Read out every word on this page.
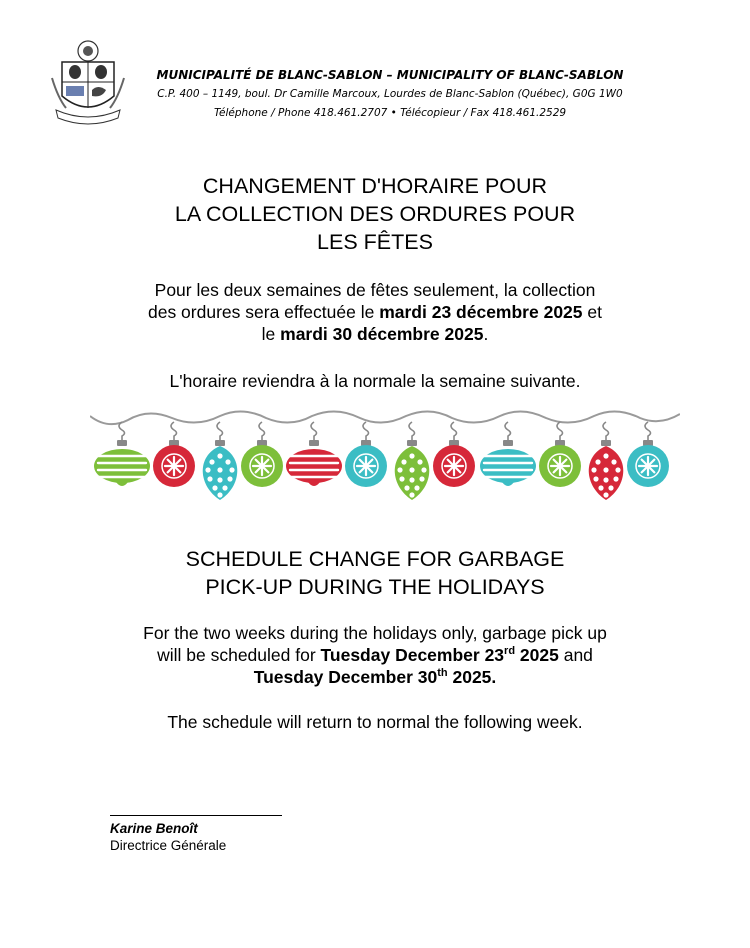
MUNICIPALITÉ DE BLANC-SABLON – MUNICIPALITY OF BLANC-SABLON
C.P. 400 – 1149, boul. Dr Camille Marcoux, Lourdes de Blanc-Sablon (Québec), G0G 1W0
Téléphone / Phone 418.461.2707 • Télécopieur / Fax 418.461.2529
CHANGEMENT D'HORAIRE POUR
LA COLLECTION DES ORDURES POUR
LES FÊTES
Pour les deux semaines de fêtes seulement, la collection
des ordures sera effectuée le mardi 23 décembre 2025 et
le mardi 30 décembre 2025.
L'horaire reviendra à la normale la semaine suivante.
SCHEDULE CHANGE FOR GARBAGE
PICK-UP DURING THE HOLIDAYS
For the two weeks during the holidays only, garbage pick up
will be scheduled for Tuesday December 23rd 2025 and
Tuesday December 30th 2025.
The schedule will return to normal the following week.
Karine Benoît
Directrice Générale
